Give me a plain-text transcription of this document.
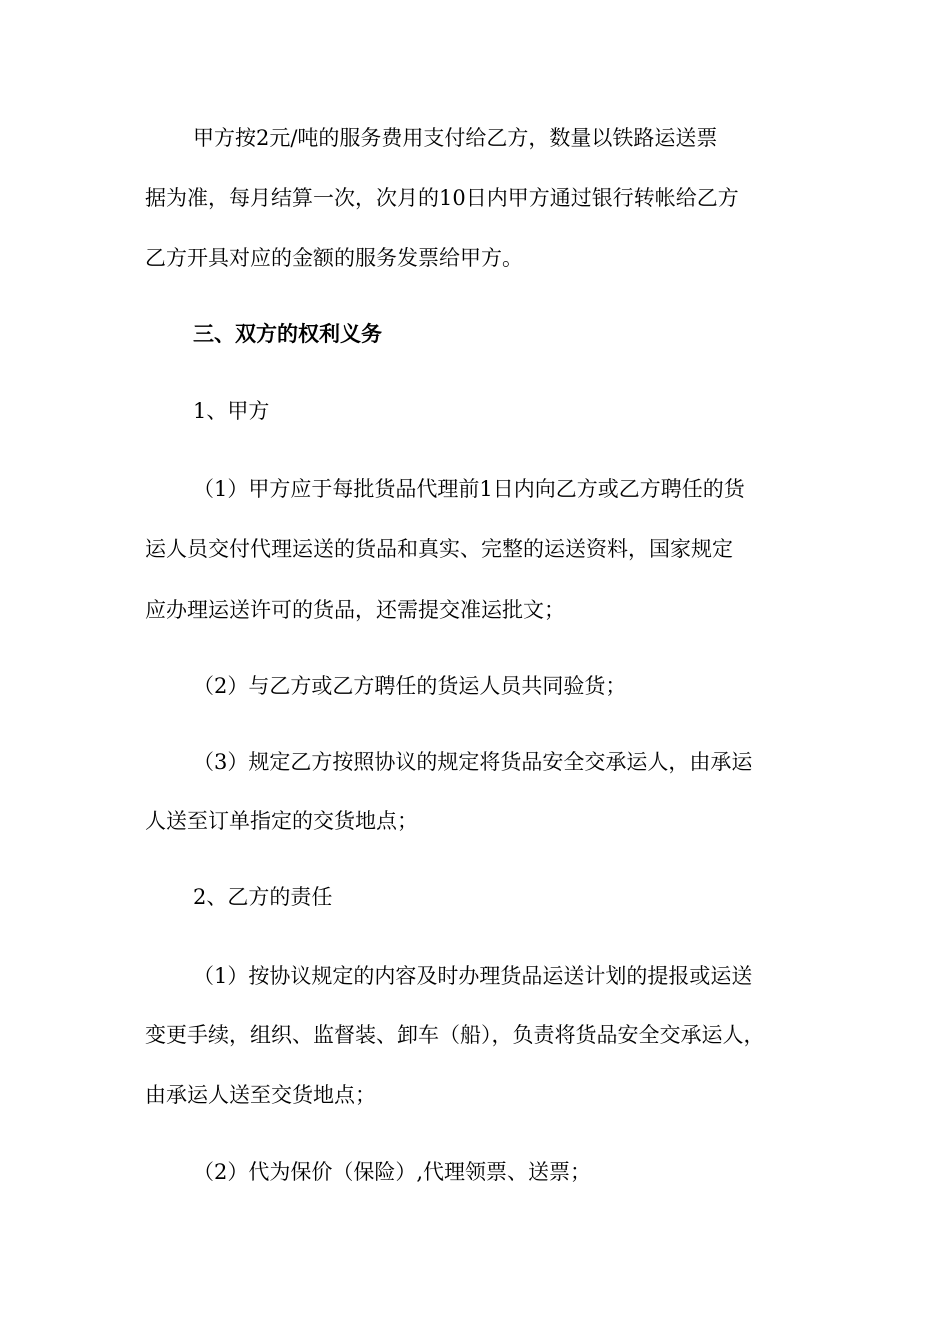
甲方按2元/吨的服务费用支付给乙方，数量以铁路运送票
据为准，每月结算一次，次月的10日内甲方通过银行转帐给乙方
乙方开具对应的金额的服务发票给甲方。
三、双方的权利义务
1、甲方
（1）甲方应于每批货品代理前1日内向乙方或乙方聘任的货
运人员交付代理运送的货品和真实、完整的运送资料，国家规定
应办理运送许可的货品，还需提交准运批文；
（2）与乙方或乙方聘任的货运人员共同验货；
（3）规定乙方按照协议的规定将货品安全交承运人，由承运
人送至订单指定的交货地点；
2、乙方的责任
（1）按协议规定的内容及时办理货品运送计划的提报或运送
变更手续，组织、监督装、卸车（船），负责将货品安全交承运人，
由承运人送至交货地点；
（2）代为保价（保险）,代理领票、送票；
